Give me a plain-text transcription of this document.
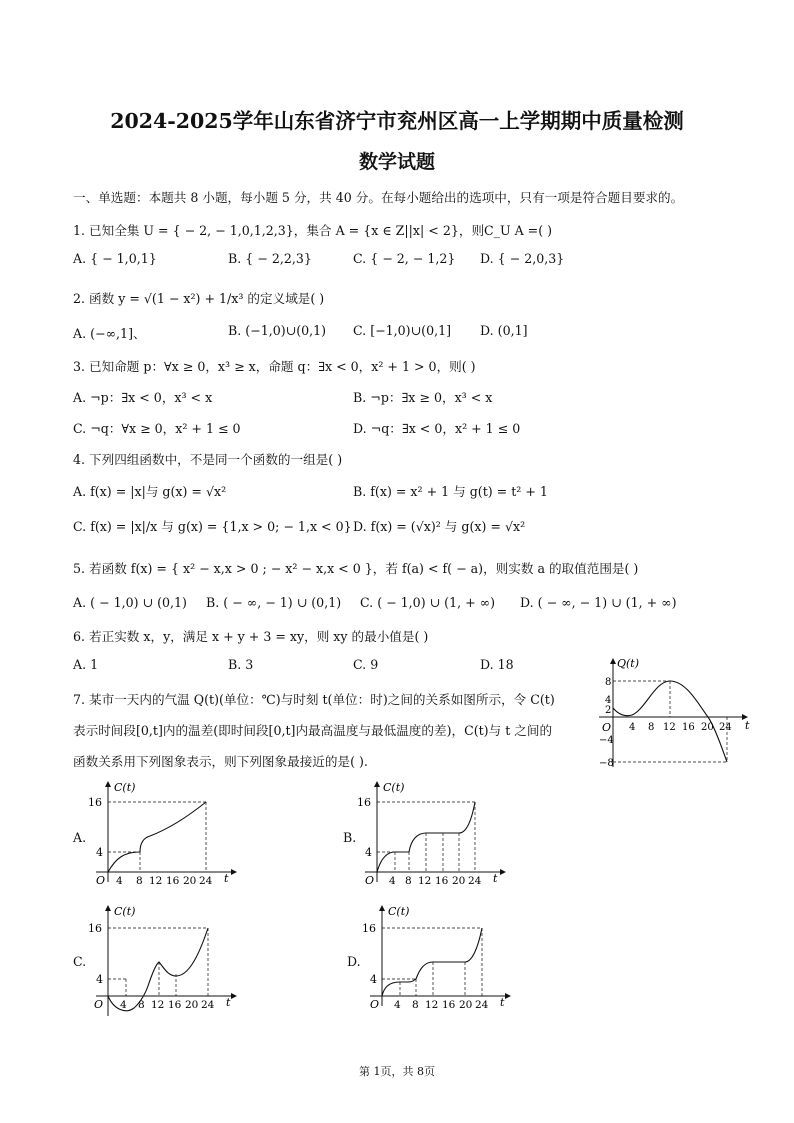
2024-2025学年山东省济宁市兖州区高一上学期期中质量检测
数学试题
一、单选题：本题共 8 小题，每小题 5 分，共 40 分。在每小题给出的选项中，只有一项是符合题目要求的。
1. 已知全集 U = { − 2, − 1,0,1,2,3}，集合 A = {x ∈ Z||x| < 2}，则C_U A =( )
A. { − 1,0,1}	B. { − 2,2,3}	C. { − 2, − 1,2} D. { − 2,0,3}
2. 函数 y = √(1 − x²) + 1/x³ 的定义域是( )
A. (−∞,1]、	B. (−1,0)∪(0,1) C. [−1,0)∪(0,1] D. (0,1]
3. 已知命题 p：∀x ≥ 0，x³ ≥ x，命题 q：∃x < 0，x² + 1 > 0，则( )
A. ¬p：∃x < 0，x³ < x	B. ¬p：∃x ≥ 0，x³ < x
C. ¬q：∀x ≥ 0，x² + 1 ≤ 0	D. ¬q：∃x < 0，x² + 1 ≤ 0
4. 下列四组函数中，不是同一个函数的一组是( )
A. f(x) = |x|与 g(x) = √x²	B. f(x) = x² + 1 与 g(t) = t² + 1
C. f(x) = |x|/x 与 g(x) = {1,x > 0; − 1,x < 0} D. f(x) = (√x)² 与 g(x) = √x²
5. 若函数 f(x) = { x² − x,x > 0 ; − x² − x,x < 0 }，若 f(a) < f( − a)，则实数 a 的取值范围是( )
A. ( − 1,0) ∪ (0,1) B. ( − ∞, − 1) ∪ (0,1) C. ( − 1,0) ∪ (1, + ∞) D. ( − ∞, − 1) ∪ (1, + ∞)
6. 若正实数 x，y，满足 x + y + 3 = xy，则 xy 的最小值是( )
A. 1	B. 3	C. 9	D. 18
7. 某市一天内的气温 Q(t)(单位：℃)与时刻 t(单位：时)之间的关系如图所示，令 C(t)
表示时间段[0,t]内的温差(即时间段[0,t]内最高温度与最低温度的差)，C(t)与 t 之间的
函数关系用下列图象表示，则下列图象最接近的是( ).
Q(t)
t
O
8
4
2
−4
−8
4 8 12 16 20 24
A.
C(t)
16
4
O 4 8 12 16 20 24 t
B.
C(t)
16
4
O 4 8 12 16 20 24 t
C.
C(t)
16
4
O 4 8 12 16 20 24 t
D.
C(t)
16
4
O 4 8 12 16 20 24 t
第 1页，共 8页
